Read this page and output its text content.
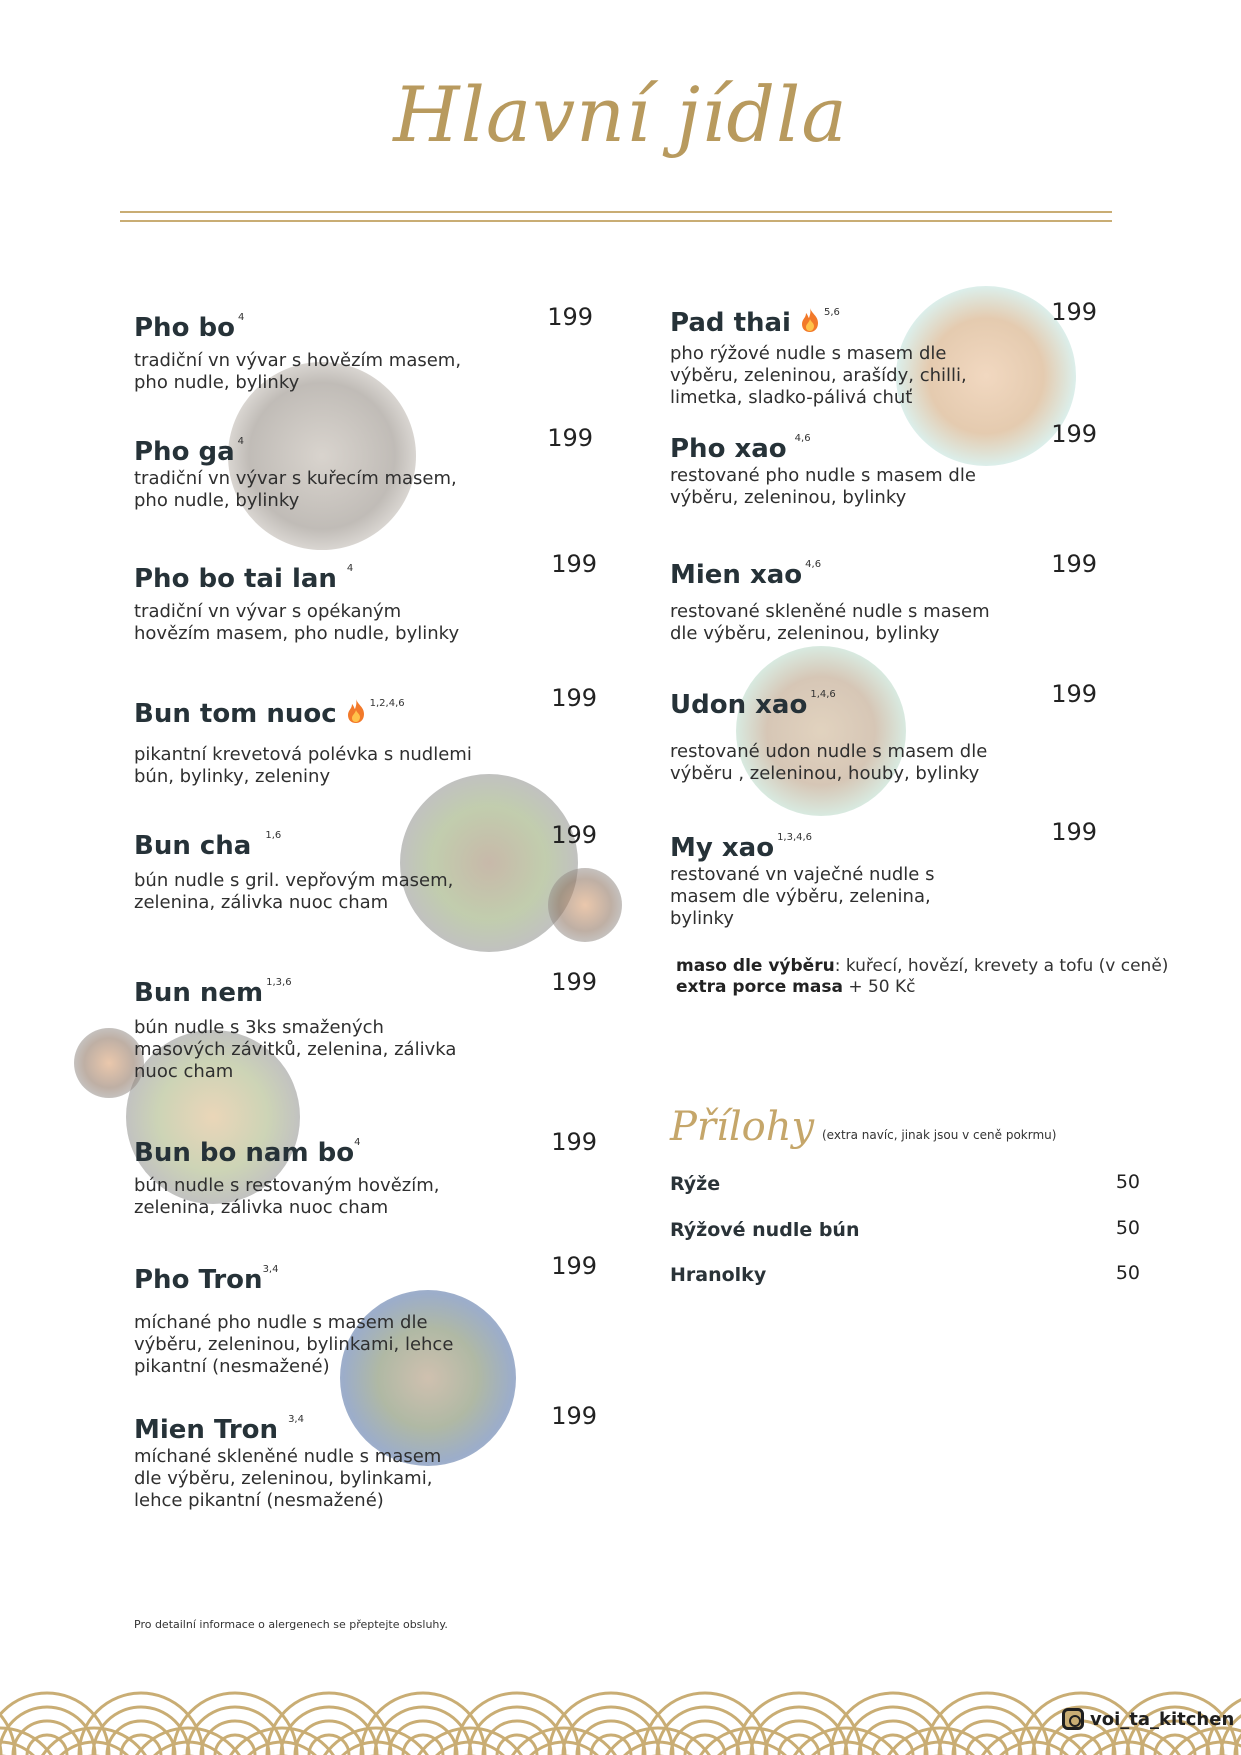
Hlavní jídla
Pho bo $^4$
tradiční vn vývar s hovězím masem, pho nudle, bylinky
199
Pho ga $^4$
tradiční vn vývar s kuřecím masem, pho nudle, bylinky
199
Pho bo tai lan $^4$
tradiční vn vývar s opékaným hovězím masem, pho nudle, bylinky
199
Bun tom nuoc	$^{1,2,4,6}$
pikantní krevetová polévka s nudlemi bún, bylinky, zeleniny
199
Bun cha $^{1,6}$
bún nudle s gril. vepřovým masem, zelenina, zálivka nuoc cham
199
Bun nem $^{1,3,6}$
bún nudle s 3ks smažených masových závitků, zelenina, zálivka nuoc cham
199
Bun bo nam $bo^4$
bún nudle s restovaným hovězím, zelenina, zálivka nuoc cham
199
Pho Tron$^{3,4}$
míchané pho nudle s masem dle výběru, zeleninou, bylinkami, lehce pikantní (nesmažené)
199
Mien Tron $^{3,4}$
míchané skleněné nudle s masem dle výběru, zeleninou, bylinkami, lehce pikantní (nesmažené)
199
Pad thai	$^{5,6}$
pho rýžové nudle s masem dle výběru, zeleninou, arašídy, chilli, limetka, sladko-pálivá chuť
199
Pho xao $^{4,6}$
restované pho nudle s masem dle výběru, zeleninou, bylinky
199
Mien xao $^{4,6}$
restované skleněné nudle s masem dle výběru, zeleninou, bylinky
199
Udon xao $^{1,4,6}$
restované udon nudle s masem dle výběru , zeleninou, houby, bylinky
199
My xao $^{1,3,4,6}$
restované vn vaječné nudle s masem dle výběru, zelenina, bylinky
199
maso dle výběru: kuřecí, hovězí, krevety a tofu (v ceně)
extra porce masa + 50 Kč
Přílohy (extra navíc, jinak jsou v ceně pokrmu)
Rýže	50
Rýžové nudle bún	50
Hranolky	50
Pro detailní informace o alergenech se přeptejte obsluhy.
voi_ta_kitchen
